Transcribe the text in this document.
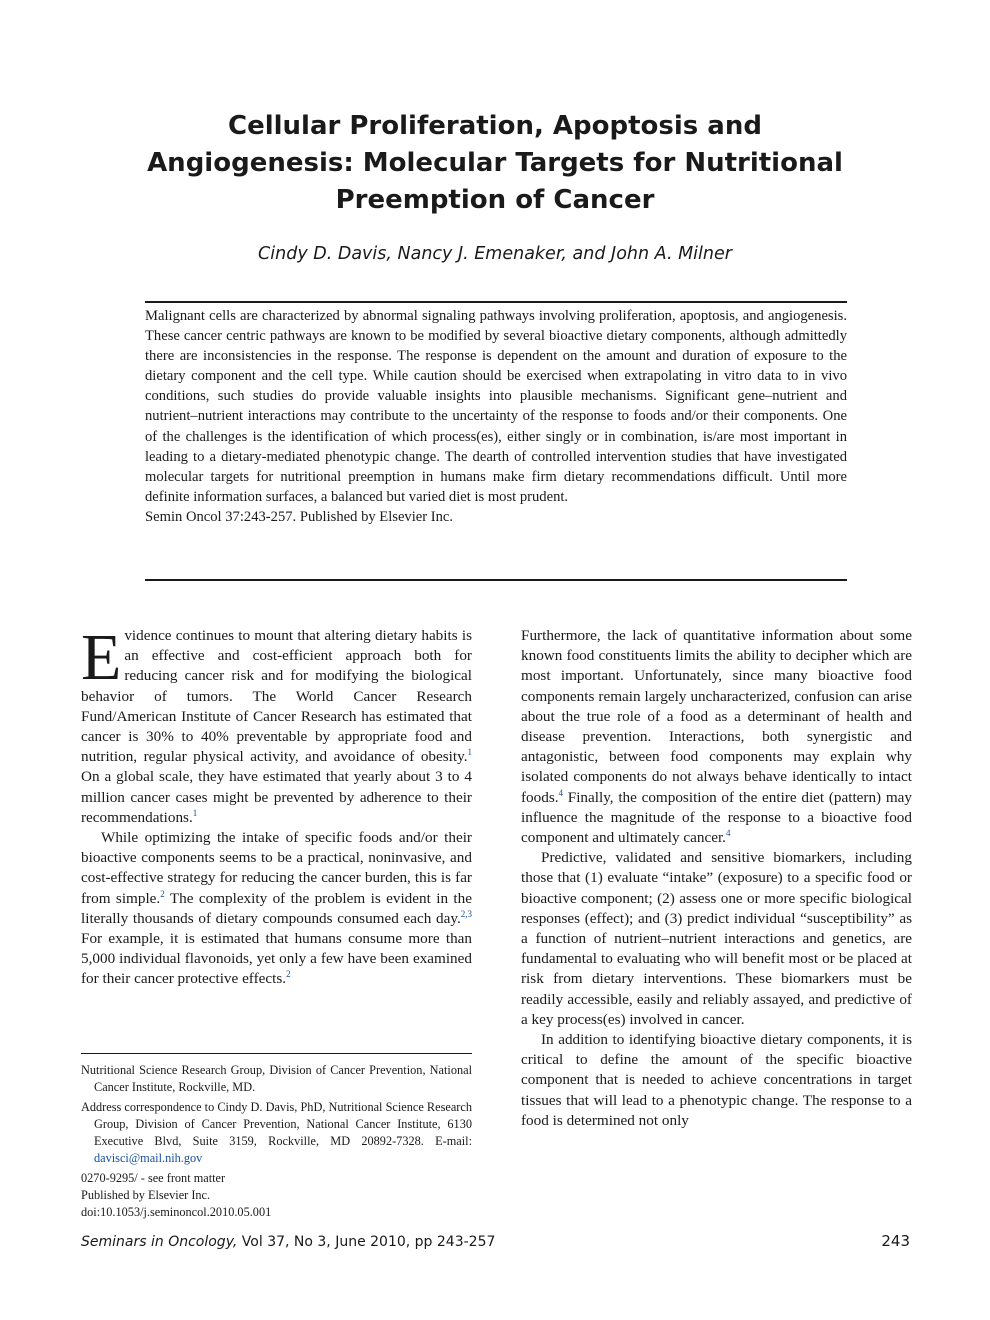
Cellular Proliferation, Apoptosis and
Angiogenesis: Molecular Targets for Nutritional
Preemption of Cancer
Cindy D. Davis, Nancy J. Emenaker, and John A. Milner

Malignant cells are characterized by abnormal signaling pathways involving proliferation, apoptosis, and angiogenesis. These cancer centric pathways are known to be modified by several bioactive dietary components, although admittedly there are inconsistencies in the response. The response is dependent on the amount and duration of exposure to the dietary component and the cell type. While caution should be exercised when extrapolating in vitro data to in vivo conditions, such studies do provide valuable insights into plausible mechanisms. Significant gene–nutrient and nutrient–nutrient interactions may contribute to the uncertainty of the response to foods and/or their components. One of the challenges is the identification of which process(es), either singly or in combination, is/are most important in leading to a dietary-mediated phenotypic change. The dearth of controlled intervention studies that have investigated molecular targets for nutritional preemption in humans make firm dietary recommendations difficult. Until more definite information surfaces, a balanced but varied diet is most prudent.

Semin Oncol 37:243-257. Published by Elsevier Inc.

Evidence continues to mount that altering dietary habits is an effective and cost-efficient approach both for reducing cancer risk and for modifying the biological behavior of tumors. The World Cancer Research Fund/American Institute of Cancer Research has estimated that cancer is 30% to 40% preventable by appropriate food and nutrition, regular physical activity, and avoidance of obesity.$^1$ On a global scale, they have estimated that yearly about 3 to 4 million cancer cases might be prevented by adherence to their recommendations.$^1$

While optimizing the intake of specific foods and/or their bioactive components seems to be a practical, noninvasive, and cost-effective strategy for reducing the cancer burden, this is far from simple.$^2$ The complexity of the problem is evident in the literally thousands of dietary compounds consumed each day.$^{2,3}$ For example, it is estimated that humans consume more than 5,000 individual flavonoids, yet only a few have been examined for their cancer protective effects.$^2$

Nutritional Science Research Group, Division of Cancer Prevention, National Cancer Institute, Rockville, MD.

Address correspondence to Cindy D. Davis, PhD, Nutritional Science Research Group, Division of Cancer Prevention, National Cancer Institute, 6130 Executive Blvd, Suite 3159, Rockville, MD 20892-7328. E-mail: davisci@mail.nih.gov

0270-9295/ - see front matter

Published by Elsevier Inc.

doi:10.1053/j.seminoncol.2010.05.001

Furthermore, the lack of quantitative information about some known food constituents limits the ability to decipher which are most important. Unfortunately, since many bioactive food components remain largely uncharacterized, confusion can arise about the true role of a food as a determinant of health and disease prevention. Interactions, both synergistic and antagonistic, between food components may explain why isolated components do not always behave identically to intact foods.$^4$ Finally, the composition of the entire diet (pattern) may influence the magnitude of the response to a bioactive food component and ultimately cancer.$^4$

Predictive, validated and sensitive biomarkers, including those that (1) evaluate “intake” (exposure) to a specific food or bioactive component; (2) assess one or more specific biological responses (effect); and (3) predict individual “susceptibility” as a function of nutrient–nutrient interactions and genetics, are fundamental to evaluating who will benefit most or be placed at risk from dietary interventions. These biomarkers must be readily accessible, easily and reliably assayed, and predictive of a key process(es) involved in cancer.

In addition to identifying bioactive dietary components, it is critical to define the amount of the specific bioactive component that is needed to achieve concentrations in target tissues that will lead to a phenotypic change. The response to a food is determined not only

Seminars in Oncology, Vol 37, No 3, June 2010, pp 243-257	243
